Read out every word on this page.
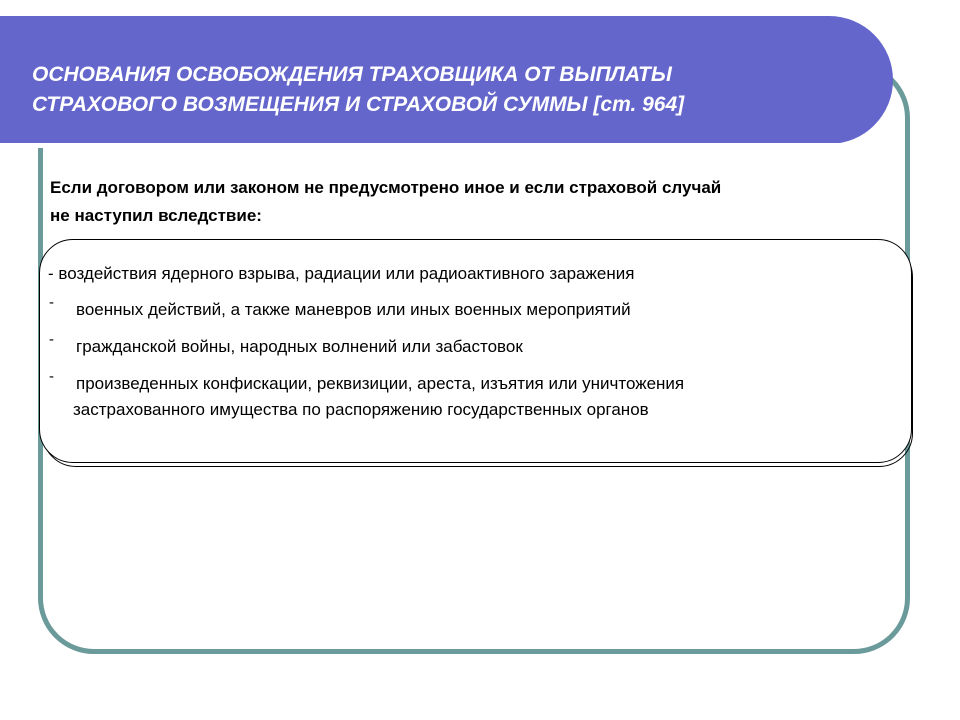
ОСНОВАНИЯ ОСВОБОЖДЕНИЯ ТРАХОВЩИКА ОТ ВЫПЛАТЫ
СТРАХОВОГО ВОЗМЕЩЕНИЯ И СТРАХОВОЙ СУММЫ [ст. 964]
Если договором или законом не предусмотрено иное и если страховой случай
не наступил вследствие:
- воздействия ядерного взрыва, радиации или радиоактивного заражения
- военных действий, а также маневров или иных военных мероприятий
- гражданской войны, народных волнений или забастовок
- произведенных конфискации, реквизиции, ареста, изъятия или уничтожения
застрахованного имущества по распоряжению государственных органов
